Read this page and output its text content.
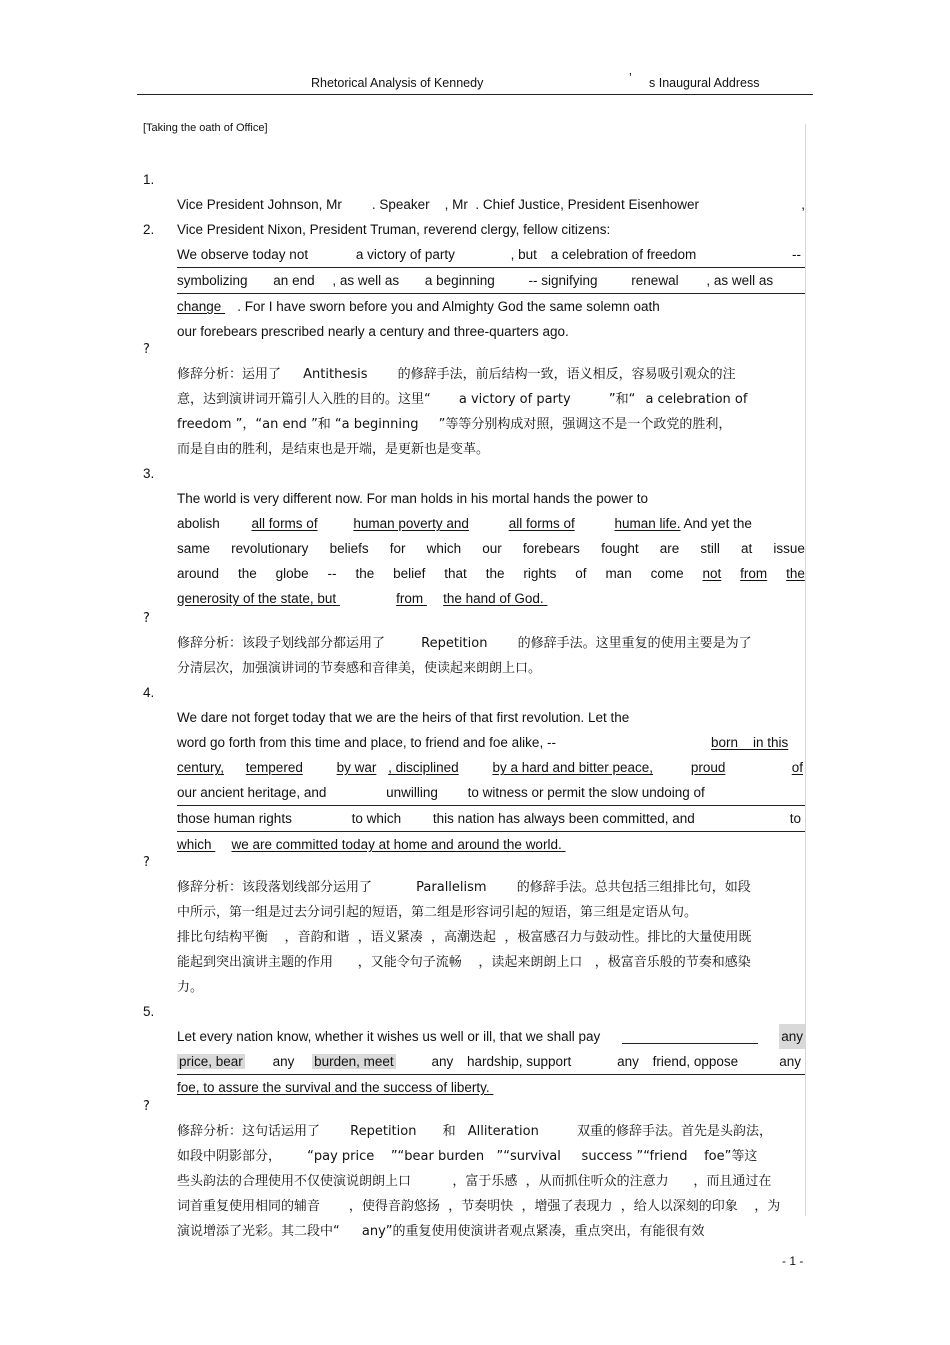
Rhetorical Analysis of Kennedy	’ s Inaugural Address
[Taking the oath of Office]
1.
Vice President Johnson, Mr        . Speaker    , Mr  . Chief Justice, President Eisenhower	,
Vice President Nixon, President Truman, reverend clergy, fellow citizens:
2.
We observe today not	a victory of party	, but a celebration of freedom	--
symbolizing an end , as well as a beginning	-- signifying	renewal , as well as
change . For I have sworn before you and Almighty God the same solemn oath
our forebears prescribed nearly a century and three-quarters ago.
?
修辞分析：运用了 Antithesis 的修辞手法，前后结构一致，语义相反，容易吸引观众的注
意，达到演讲词开篇引人入胜的目的。这里“ a victory of party	”和“ a celebration of
freedom ”，“an end ”和 “a beginning ”等等分别构成对照，强调这不是一个政党的胜利，
而是自由的胜利，是结束也是开端，是更新也是变革。
3.
The world is very different now. For man holds in his mortal hands the power to
abolish all forms of	human poverty and	all forms of	human life. And yet the
same revolutionary beliefs for which our forebears fought are still at issue
around the globe -- the belief that the rights of man come not from the
generosity of the state, but	from the hand of God.
?
修辞分析：该段子划线部分都运用了	Repetition 的修辞手法。这里重复的使用主要是为了
分清层次，加强演讲词的节奏感和音律美，使读起来朗朗上口。
4.
We dare not forget today that we are the heirs of that first revolution. Let the
word go forth from this time and place, to friend and foe alike, --	born    in this
century, tempered	by war , disciplined	by a hard and bitter peace,	proud	of
our ancient heritage, and	unwilling to witness or permit the slow undoing of
those human rights	to which this nation has always been committed, and	to
which we are committed today at home and around the world.
?
修辞分析：该段落划线部分运用了	Parallelism 的修辞手法。总共包括三组排比句，如段
中所示，第一组是过去分词引起的短语，第二组是形容词引起的短语，第三组是定语从句。
排比句结构平衡    ，音韵和谐  ，语义紧凑  ，高潮迭起  ，极富感召力与鼓动性。排比的大量使用既
能起到突出演讲主题的作用      ，又能令句子流畅    ，读起来朗朗上口   ，极富音乐般的节奏和感染
力。
5.
Let every nation know, whether it wishes us well or ill, that we shall pay	any
price, bear any burden, meet	any hardship, support	any friend, oppose	any
foe, to assure the survival and the success of liberty.
?
修辞分析：这句话运用了 Repetition 和 Alliteration	双重的修辞手法。首先是头韵法，
如段中阴影部分， “pay price    ”“bear burden   ”“survival     success ”“friend    foe”等这
些头韵法的合理使用不仅使演说朗朗上口          ，富于乐感  ，从而抓住听众的注意力      ，而且通过在
词首重复使用相同的辅音       ，使得音韵悠扬  ，节奏明快  ，增强了表现力  ，给人以深刻的印象    ，为
演说增添了光彩。其二段中“ any”的重复使用使演讲者观点紧凑，重点突出，有能很有效
- 1 -
